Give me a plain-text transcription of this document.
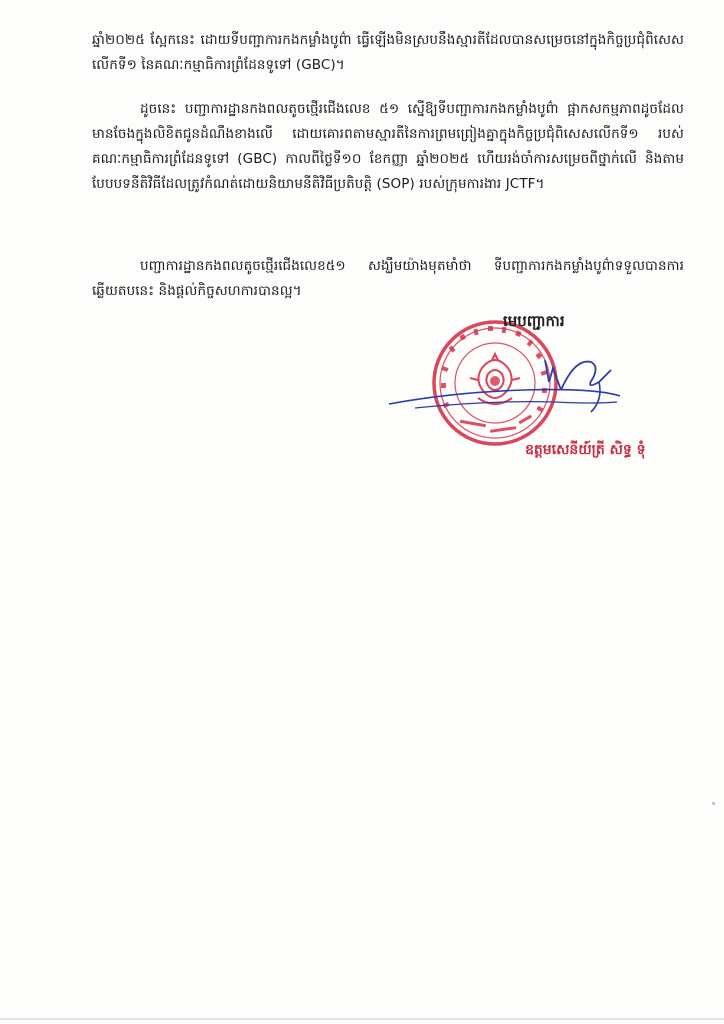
ឆ្នាំ២០២៥ ស្អែកនេះ ដោយទីបញ្ជាការកងកម្លាំងបូព៌ា ធ្វើឡើងមិនស្របនឹងស្មារតីដែលបានសម្រេចនៅក្នុងកិច្ចប្រជុំពិសេសលើកទី១ នៃគណៈកម្មាធិការព្រំដែនទូទៅ (GBC)។
ដូចនេះ បញ្ជាការដ្ឋានកងពលតូចថ្មើរជើងលេខ ៥១ ស្នើឱ្យទីបញ្ជាការកងកម្លាំងបូព៌ា ផ្អាកសកម្មភាពដូចដែលមានចែងក្នុងលិខិតជូនដំណឹងខាងលើ ដោយគោរពតាមស្មារតីនៃការព្រមព្រៀងគ្នាក្នុងកិច្ចប្រជុំពិសេសលើកទី១ របស់គណៈកម្មាធិការព្រំដែនទូទៅ (GBC) កាលពីថ្ងៃទី១០ ខែកញ្ញា ឆ្នាំ២០២៥ ហើយរង់ចាំការសម្រេចពីថ្នាក់លើ និងតាមបែបបទនីតិវិធីដែលត្រូវកំណត់ដោយនិយាមនីតិវិធីប្រតិបត្តិ (SOP) របស់ក្រុមការងារ JCTF។
បញ្ជាការដ្ឋានកងពលតូចថ្មើរជើងលេខ៥១ សង្ឃឹមយ៉ាងមុតមាំថា ទីបញ្ជាការកងកម្លាំងបូព៌ាទទួលបានការឆ្លើយតបនេះ និងផ្តល់កិច្ចសហការបានល្អ។
មេបញ្ជាការ
ឧត្តមសេនីយ៍ត្រី សិទ្ធ ទុំ
